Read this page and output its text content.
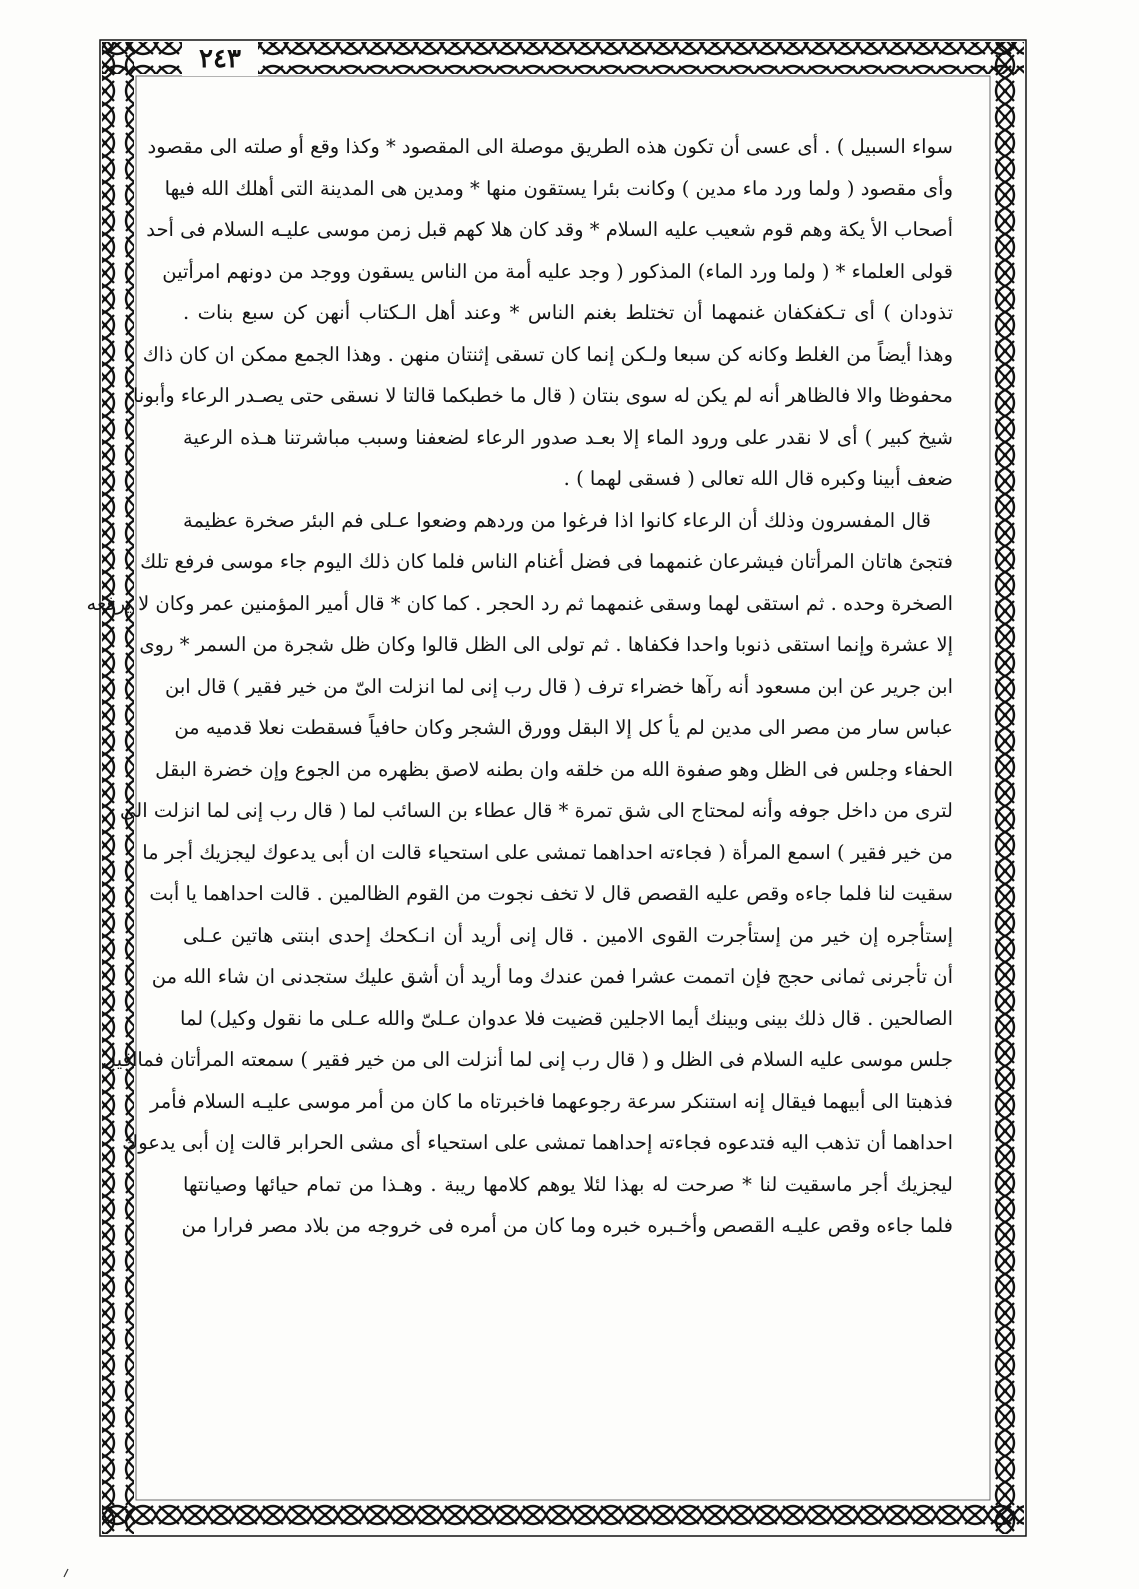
٢٤٣
سواء السبيل ) . أى عسى أن تكون هذه الطريق موصلة الى المقصود * وكذا وقع أو صلته الى مقصود
وأى مقصود ( ولما ورد ماء مدين ) وكانت بئرا يستقون منها * ومدين هى المدينة التى أهلك الله فيها
أصحاب الأ يكة وهم قوم شعيب عليه السلام * وقد كان هلا كهم قبل زمن موسى عليـه السلام فى أحد
قولى العلماء * ( ولما ورد الماء) المذكور ( وجد عليه أمة من الناس يسقون ووجد من دونهم امرأتين
تذودان ) أى تـكفكفان غنمهما أن تختلط بغنم الناس * وعند أهل الـكتاب أنهن كن سبع بنات .
وهذا أيضاً من الغلط وكانه كن سبعا ولـكن إنما كان تسقى إثنتان منهن . وهذا الجمع ممكن ان كان ذاك
محفوظا والا فالظاهر أنه لم يكن له سوى بنتان ( قال ما خطبكما قالتا لا نسقى حتى يصـدر الرعاء وأبونا
شيخ كبير ) أى لا نقدر على ورود الماء إلا بعـد صدور الرعاء لضعفنا وسبب مباشرتنا هـذه الرعية
ضعف أبينا وكبره قال الله تعالى ( فسقى لهما ) .
قال المفسرون وذلك أن الرعاء كانوا اذا فرغوا من وردهم وضعوا عـلى فم البئر صخرة عظيمة
فتجئ هاتان المرأتان فيشرعان غنمهما فى فضل أغنام الناس فلما كان ذلك اليوم جاء موسى فرفع تلك
الصخرة وحده . ثم استقى لهما وسقى غنمهما ثم رد الحجر . كما كان * قال أمير المؤمنين عمر وكان لا يرفعه
إلا عشرة وإنما استقى ذنوبا واحدا فكفاها . ثم تولى الى الظل قالوا وكان ظل شجرة من السمر * روى
ابن جرير عن ابن مسعود أنه رآها خضراء ترف ( قال رب إنى لما انزلت الىّ من خير فقير ) قال ابن
عباس سار من مصر الى مدين لم يأ كل إلا البقل وورق الشجر وكان حافياً فسقطت نعلا قدميه من
الحفاء وجلس فى الظل وهو صفوة الله من خلقه وان بطنه لاصق بظهره من الجوع وإن خضرة البقل
لترى من داخل جوفه وأنه لمحتاج الى شق تمرة * قال عطاء بن السائب لما ( قال رب إنى لما انزلت الى
من خير فقير ) اسمع المرأة ( فجاءته احداهما تمشى على استحياء قالت ان أبى يدعوك ليجزيك أجر ما
سقيت لنا فلما جاءه وقص عليه القصص قال لا تخف نجوت من القوم الظالمين . قالت احداهما يا أبت
إستأجره إن خير من إستأجرت القوى الامين . قال إنى أريد أن انـكحك إحدى ابنتى هاتين عـلى
أن تأجرنى ثمانى حجج فإن اتممت عشرا فمن عندك وما أريد أن أشق عليك ستجدنى ان شاء الله من
الصالحين . قال ذلك بينى وبينك أيما الاجلين قضيت فلا عدوان عـلىّ والله عـلى ما نقول وكيل) لما
جلس موسى عليه السلام فى الظل و ( قال رب إنى لما أنزلت الى من خير فقير ) سمعته المرأتان فمااقيل
فذهبتا الى أبيهما فيقال إنه استنكر سرعة رجوعهما فاخبرتاه ما كان من أمر موسى عليـه السلام فأمر
احداهما أن تذهب اليه فتدعوه فجاءته إحداهما تمشى على استحياء أى مشى الحرابر قالت إن أبى يدعوك
ليجزيك أجر ماسقيت لنا * صرحت له بهذا لئلا يوهم كلامها ريبة . وهـذا من تمام حيائها وصيانتها
فلما جاءه وقص عليـه القصص وأخـبره خبره وما كان من أمره فى خروجه من بلاد مصر فرارا من
